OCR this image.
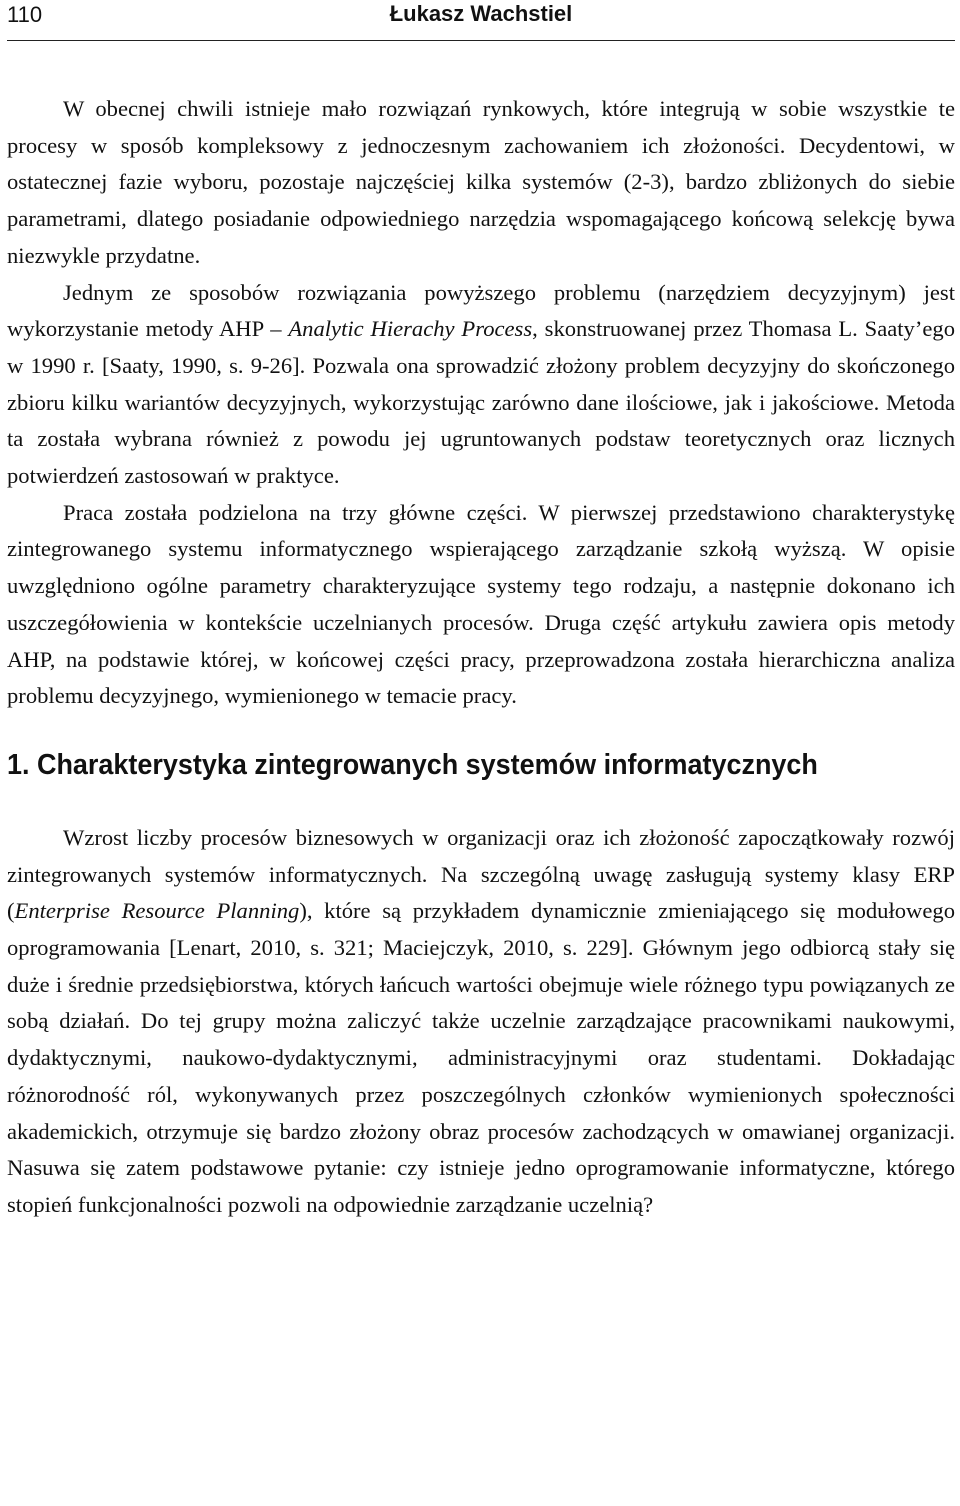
110	Łukasz Wachstiel

W obecnej chwili istnieje mało rozwiązań rynkowych, które integrują w sobie wszystkie te procesy w sposób kompleksowy z jednoczesnym zachowaniem ich złożoności. Decydentowi, w ostatecznej fazie wyboru, pozostaje najczęściej kilka systemów (2-3), bardzo zbliżonych do siebie parametrami, dlatego posiadanie odpowiedniego narzędzia wspomagającego końcową selekcję bywa niezwykle przydatne.

Jednym ze sposobów rozwiązania powyższego problemu (narzędziem decyzyjnym) jest wykorzystanie metody AHP – Analytic Hierachy Process, skonstruowanej przez Thomasa L. Saaty’ego w 1990 r. [Saaty, 1990, s. 9-26]. Pozwala ona sprowadzić złożony problem decyzyjny do skończonego zbioru kilku wariantów decyzyjnych, wykorzystując zarówno dane ilościowe, jak i jakościowe. Metoda ta została wybrana również z powodu jej ugruntowanych podstaw teoretycznych oraz licznych potwierdzeń zastosowań w praktyce.

Praca została podzielona na trzy główne części. W pierwszej przedstawiono charakterystykę zintegrowanego systemu informatycznego wspierającego zarządzanie szkołą wyższą. W opisie uwzględniono ogólne parametry charakteryzujące systemy tego rodzaju, a następnie dokonano ich uszczegółowienia w kontekście uczelnianych procesów. Druga część artykułu zawiera opis metody AHP, na podstawie której, w końcowej części pracy, przeprowadzona została hierarchiczna analiza problemu decyzyjnego, wymienionego w temacie pracy.

1. Charakterystyka zintegrowanych systemów informatycznych

Wzrost liczby procesów biznesowych w organizacji oraz ich złożoność zapoczątkowały rozwój zintegrowanych systemów informatycznych. Na szczególną uwagę zasługują systemy klasy ERP (Enterprise Resource Planning), które są przykładem dynamicznie zmieniającego się modułowego oprogramowania [Lenart, 2010, s. 321; Maciejczyk, 2010, s. 229]. Głównym jego odbiorcą stały się duże i średnie przedsiębiorstwa, których łańcuch wartości obejmuje wiele różnego typu powiązanych ze sobą działań. Do tej grupy można zaliczyć także uczelnie zarządzające pracownikami naukowymi, dydaktycznymi, naukowo-dydaktycznymi, administracyjnymi oraz studentami. Dokładając różnorodność ról, wykonywanych przez poszczególnych członków wymienionych społeczności akademickich, otrzymuje się bardzo złożony obraz procesów zachodzących w omawianej organizacji. Nasuwa się zatem podstawowe pytanie: czy istnieje jedno oprogramowanie informatyczne, którego stopień funkcjonalności pozwoli na odpowiednie zarządzanie uczelnią?
